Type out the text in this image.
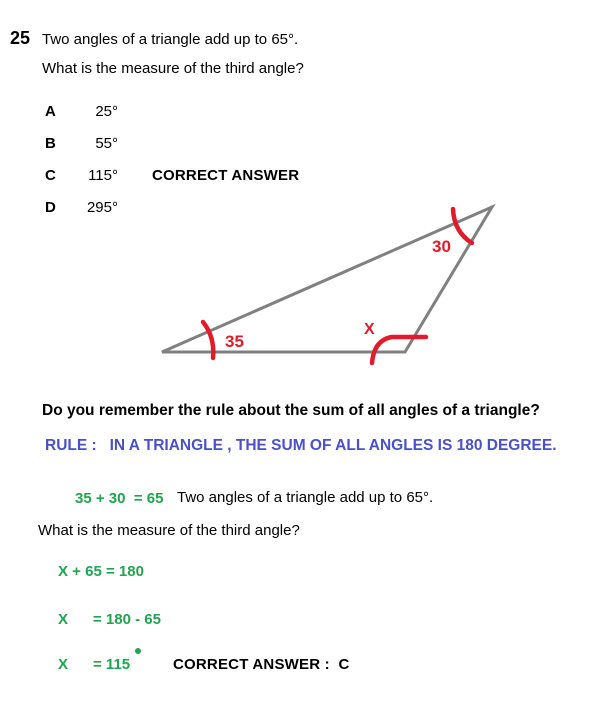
25 Two angles of a triangle add up to 65°.
What is the measure of the third angle?
A	25°
B	55°
C	115° CORRECT ANSWER
D	295°
35
30
X
Do you remember the rule about the sum of all angles of a triangle?
RULE :   IN A TRIANGLE , THE SUM OF ALL ANGLES IS 180 DEGREE.
35 + 30  = 65 Two angles of a triangle add up to 65°.
What is the measure of the third angle?
X + 65 = 180
X      = 180 - 65
X      = 115	CORRECT ANSWER :  C
